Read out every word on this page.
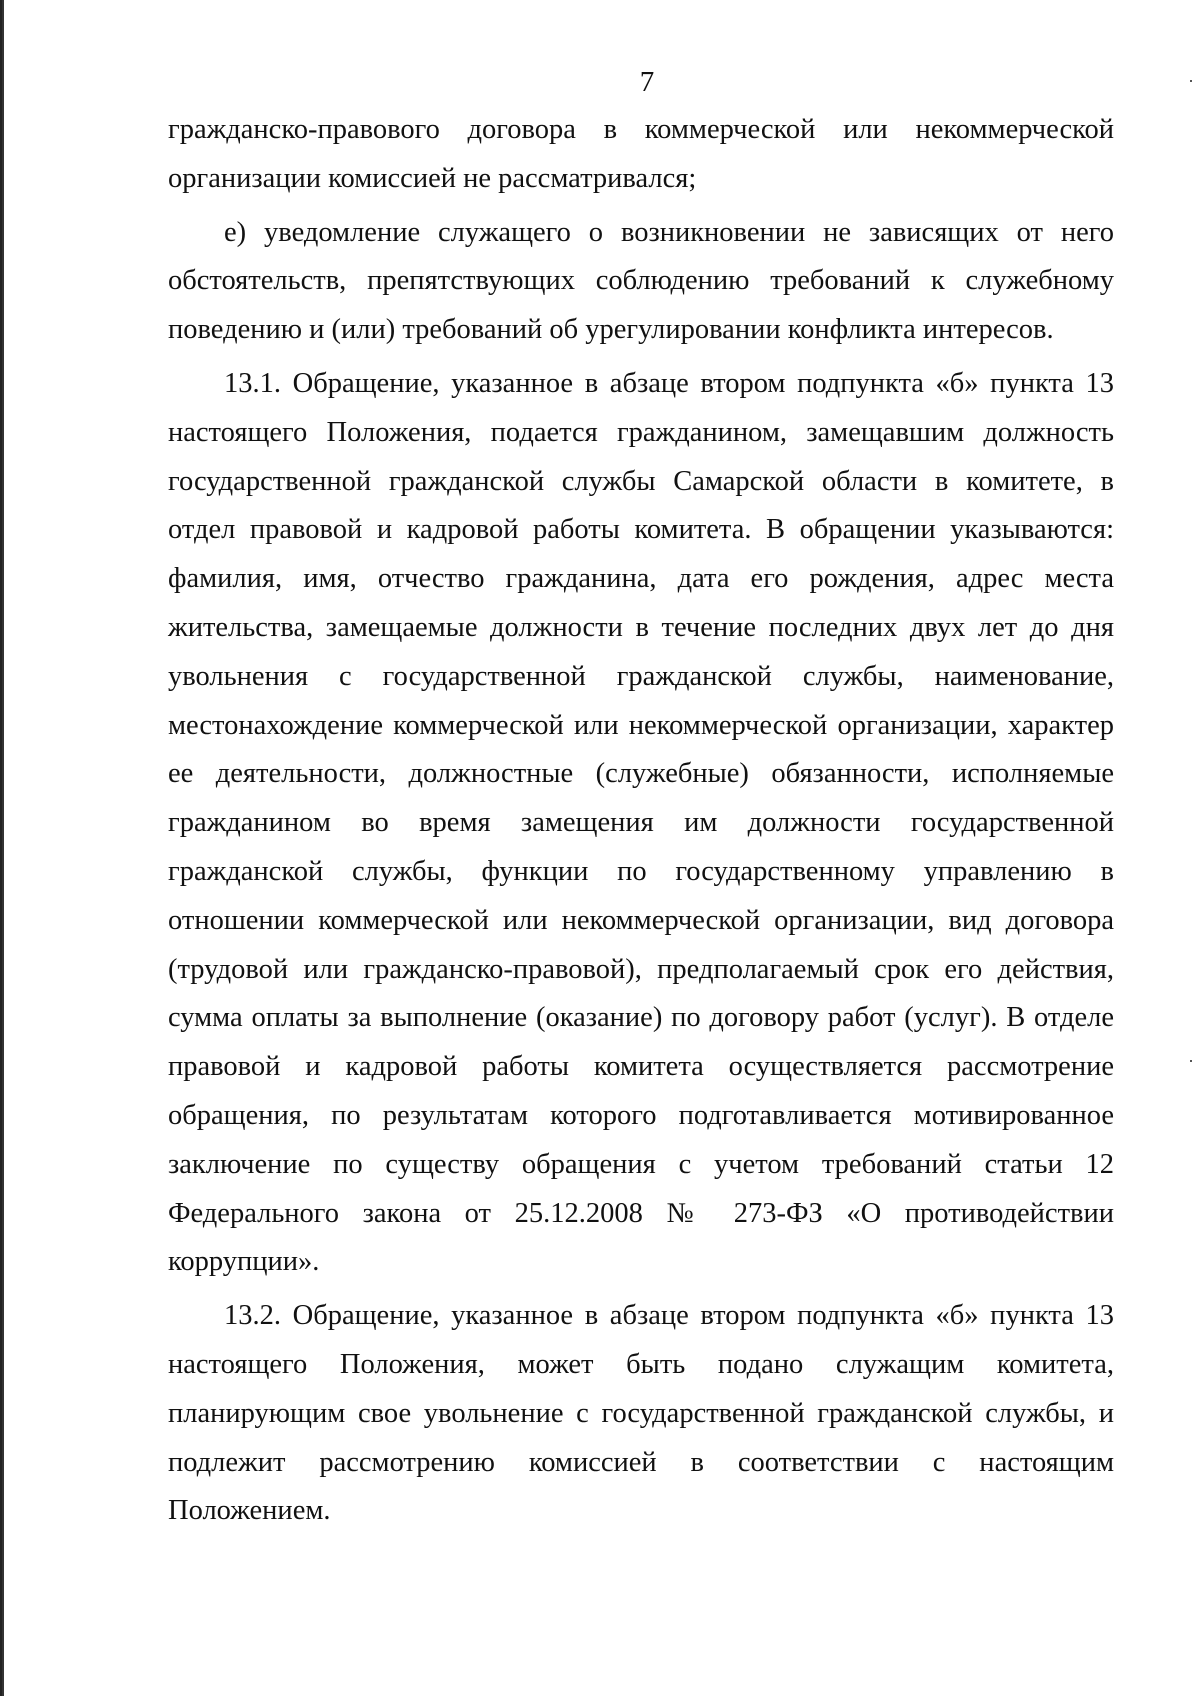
7

гражданско-правового договора в коммерческой или некоммерческой организации комиссией не рассматривался;

е) уведомление служащего о возникновении не зависящих от него обстоятельств, препятствующих соблюдению требований к служебному поведению и (или) требований об урегулировании конфликта интересов.

13.1. Обращение, указанное в абзаце втором подпункта «б» пункта 13 настоящего Положения, подается гражданином, замещавшим должность государственной гражданской службы Самарской области в комитете, в отдел правовой и кадровой работы комитета. В обращении указываются: фамилия, имя, отчество гражданина, дата его рождения, адрес места жительства, замещаемые должности в течение последних двух лет до дня увольнения с государственной гражданской службы, наименование, местонахождение коммерческой или некоммерческой организации, характер ее деятельности, должностные (служебные) обязанности, исполняемые гражданином во время замещения им должности государственной гражданской службы, функции по государственному управлению в отношении коммерческой или некоммерческой организации, вид договора (трудовой или гражданско-правовой), предполагаемый срок его действия, сумма оплаты за выполнение (оказание) по договору работ (услуг). В отделе правовой и кадровой работы комитета осуществляется рассмотрение обращения, по результатам которого подготавливается мотивированное заключение по существу обращения с учетом требований статьи 12 Федерального закона от 25.12.2008 № 273-ФЗ «О противодействии коррупции».

13.2. Обращение, указанное в абзаце втором подпункта «б» пункта 13 настоящего Положения, может быть подано служащим комитета, планирующим свое увольнение с государственной гражданской службы, и подлежит рассмотрению комиссией в соответствии с настоящим Положением.
